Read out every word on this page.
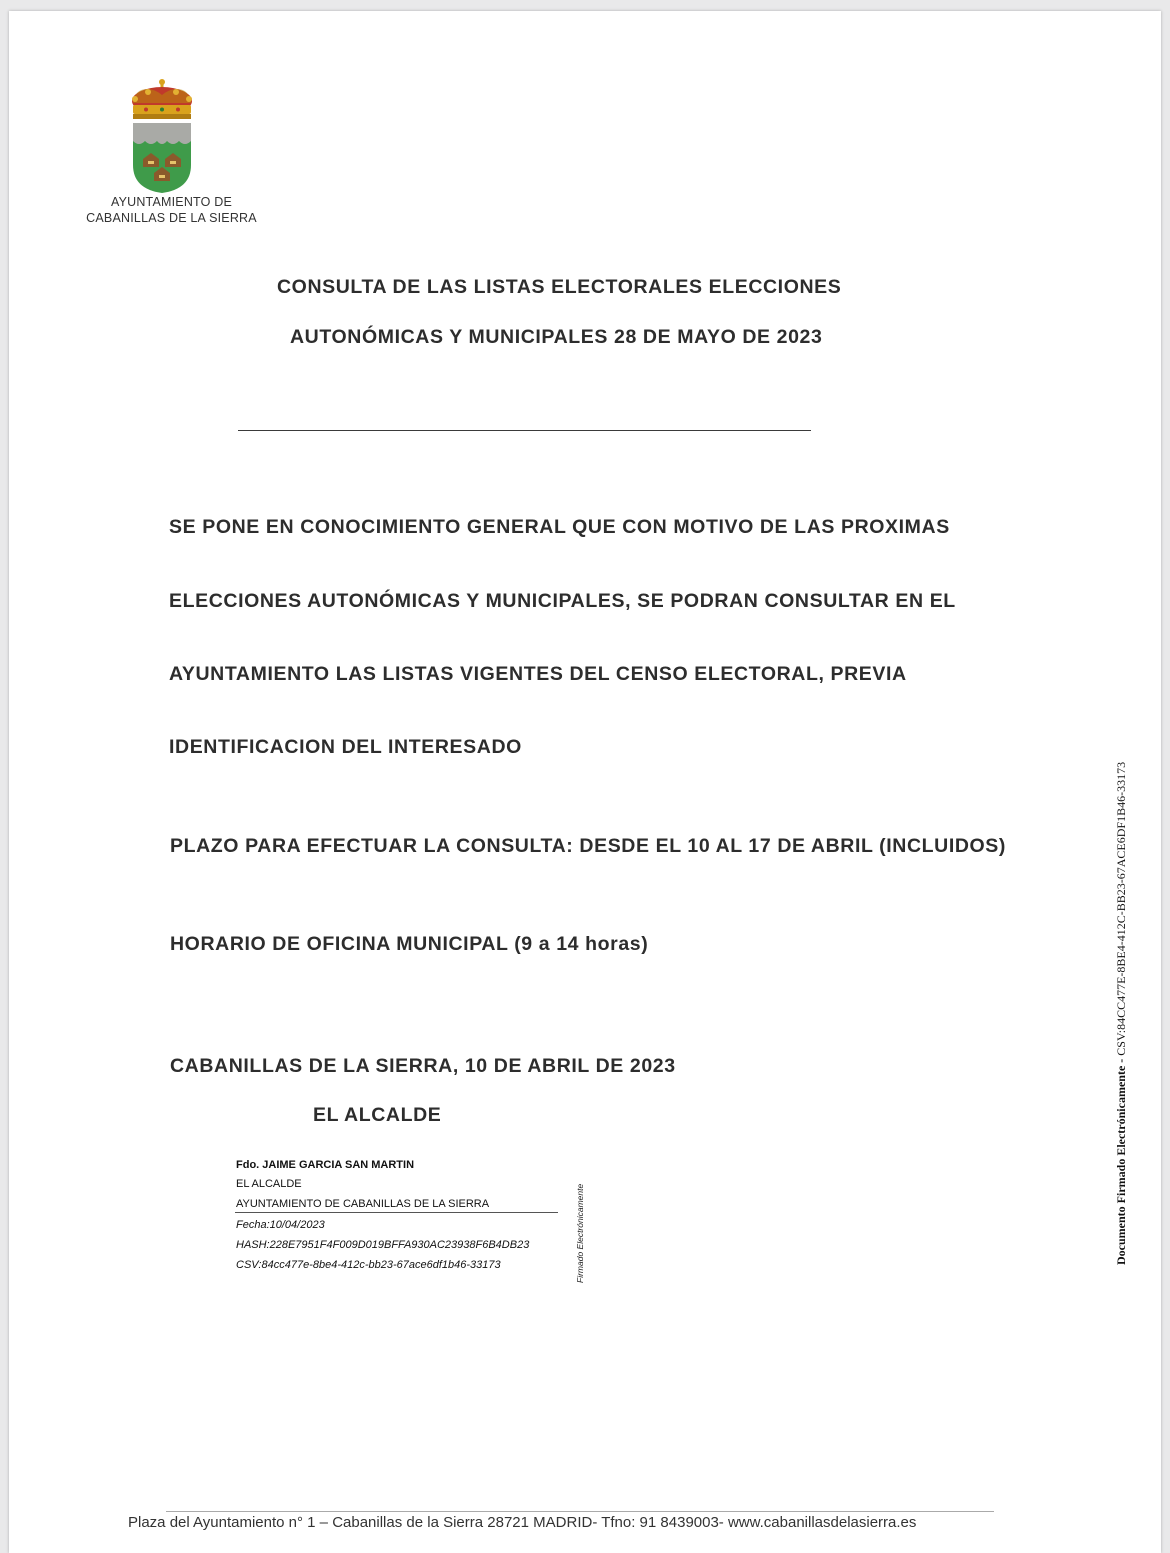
AYUNTAMIENTO DE
CABANILLAS DE LA SIERRA
CONSULTA DE LAS LISTAS ELECTORALES ELECCIONES
AUTONÓMICAS Y MUNICIPALES 28 DE MAYO DE 2023
SE PONE EN CONOCIMIENTO GENERAL QUE CON MOTIVO DE LAS PROXIMAS
ELECCIONES AUTONÓMICAS Y MUNICIPALES, SE PODRAN CONSULTAR EN EL
AYUNTAMIENTO LAS LISTAS VIGENTES DEL CENSO ELECTORAL, PREVIA
IDENTIFICACION DEL INTERESADO
PLAZO PARA EFECTUAR LA CONSULTA: DESDE EL 10 AL 17 DE ABRIL (INCLUIDOS)
HORARIO DE OFICINA MUNICIPAL (9 a 14 horas)
CABANILLAS DE LA SIERRA, 10 DE ABRIL DE 2023
EL ALCALDE
Fdo. JAIME GARCIA SAN MARTIN
EL ALCALDE
AYUNTAMIENTO DE CABANILLAS DE LA SIERRA
Fecha:10/04/2023
HASH:228E7951F4F009D019BFFA930AC23938F6B4DB23
CSV:84cc477e-8be4-412c-bb23-67ace6df1b46-33173	Firmado Electrónicamente	Documento Firmado Electrónicamente - CSV:84CC477E-8BE4-412C-BB23-67ACE6DF1B46-33173
Plaza del Ayuntamiento n° 1 – Cabanillas de la Sierra 28721 MADRID- Tfno: 91 8439003- www.cabanillasdelasierra.es
